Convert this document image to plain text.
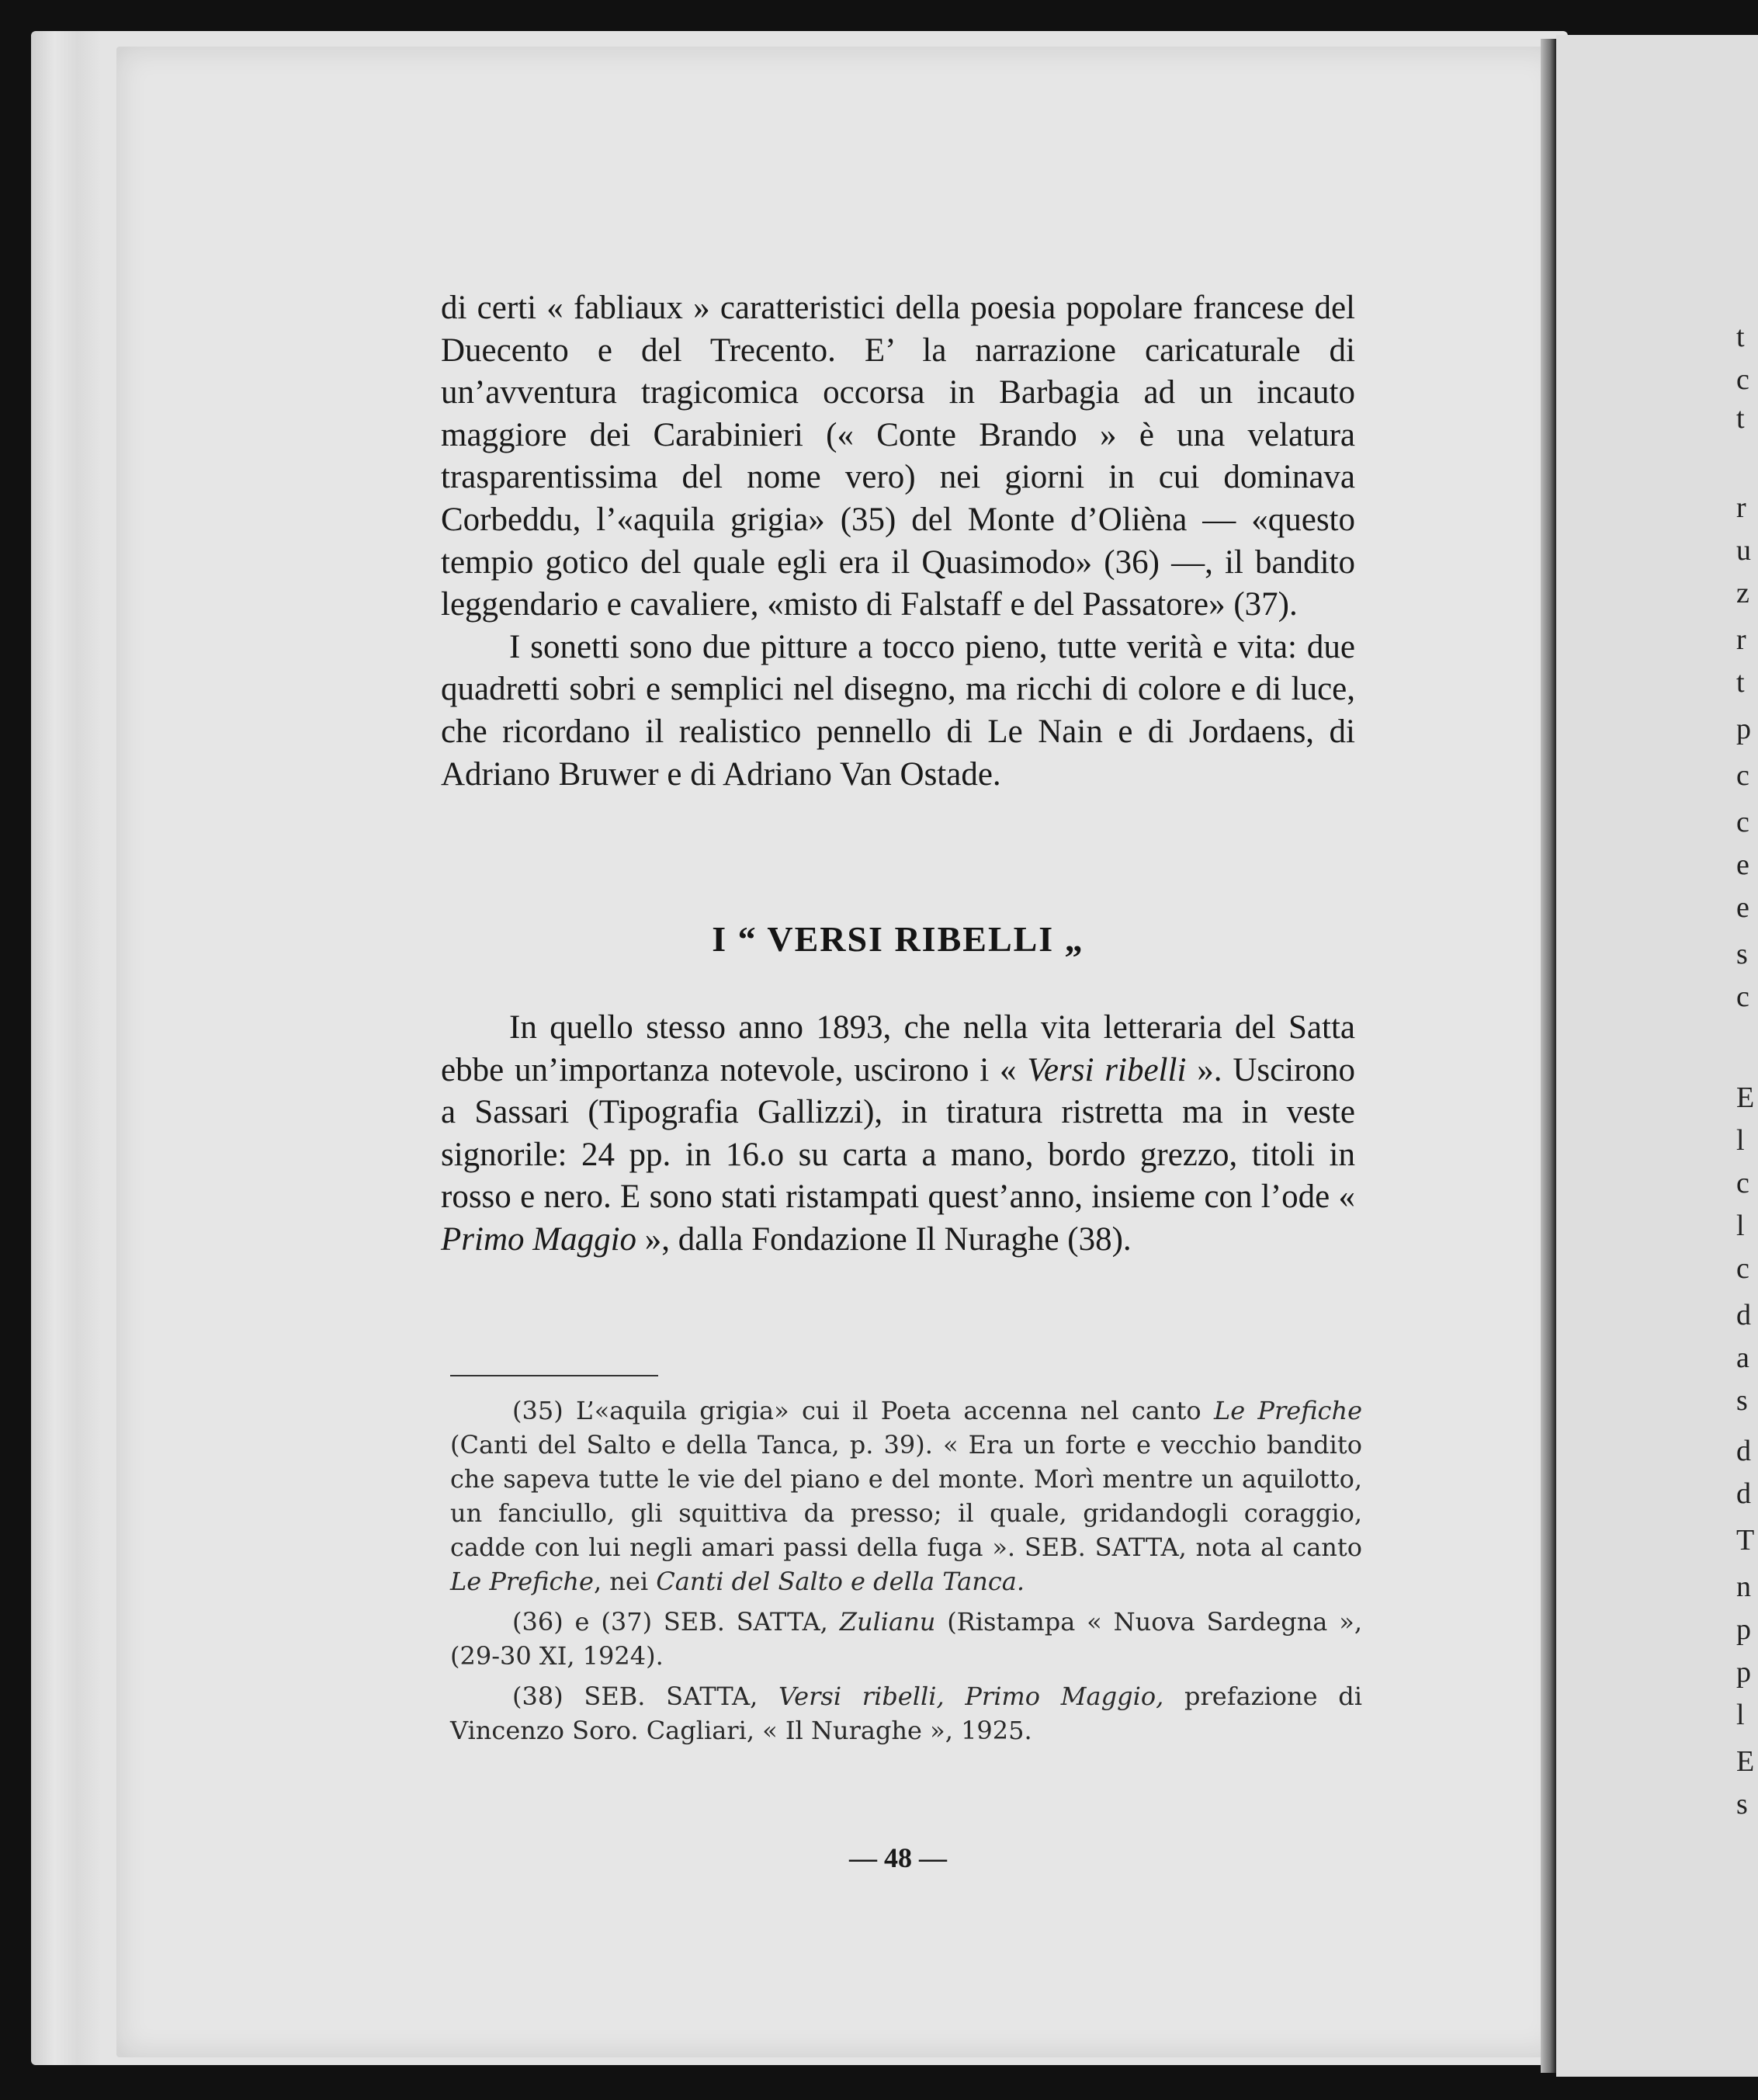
t
c
t
r
u
z
r
t
p
c
c
e
e
s
c
E
l
c
l
c
d
a
s
d
d
T
n
p
p
l
E
s

di certi « fabliaux » caratteristici della poesia popolare francese del Duecento e del Trecento. E’ la narrazione caricaturale di un’avventura tragicomica occorsa in Barbagia ad un incauto maggiore dei Carabinieri (« Conte Brando » è una velatura trasparentissima del nome vero) nei giorni in cui dominava Corbeddu, l’«aquila grigia» (35) del Monte d’Olièna — «questo tempio gotico del quale egli era il Quasimodo» (36) —, il bandito leggendario e cavaliere, «misto di Falstaff e del Passatore» (37).

I sonetti sono due pitture a tocco pieno, tutte verità e vita: due quadretti sobri e semplici nel disegno, ma ricchi di colore e di luce, che ricordano il realistico pennello di Le Nain e di Jordaens, di Adriano Bruwer e di Adriano Van Ostade.

I “ VERSI RIBELLI „

In quello stesso anno 1893, che nella vita letteraria del Satta ebbe un’importanza notevole, uscirono i « Versi ribelli ». Uscirono a Sassari (Tipografia Gallizzi), in tiratura ristretta ma in veste signorile: 24 pp. in 16.o su carta a mano, bordo grezzo, titoli in rosso e nero. E sono stati ristampati quest’anno, insieme con l’ode « Primo Maggio », dalla Fondazione Il Nuraghe (38).

(35) L’«aquila grigia» cui il Poeta accenna nel canto Le Prefiche (Canti del Salto e della Tanca, p. 39). « Era un forte e vecchio bandito che sapeva tutte le vie del piano e del monte. Morì mentre un aquilotto, un fanciullo, gli squittiva da presso; il quale, gridandogli coraggio, cadde con lui negli amari passi della fuga ». SEB. SATTA, nota al canto Le Prefiche, nei Canti del Salto e della Tanca.

(36) e (37) SEB. SATTA, Zulianu (Ristampa « Nuova Sardegna », (29-30 XI, 1924).

(38) SEB. SATTA, Versi ribelli, Primo Maggio, prefazione di Vincenzo Soro. Cagliari, « Il Nuraghe », 1925.

— 48 —
